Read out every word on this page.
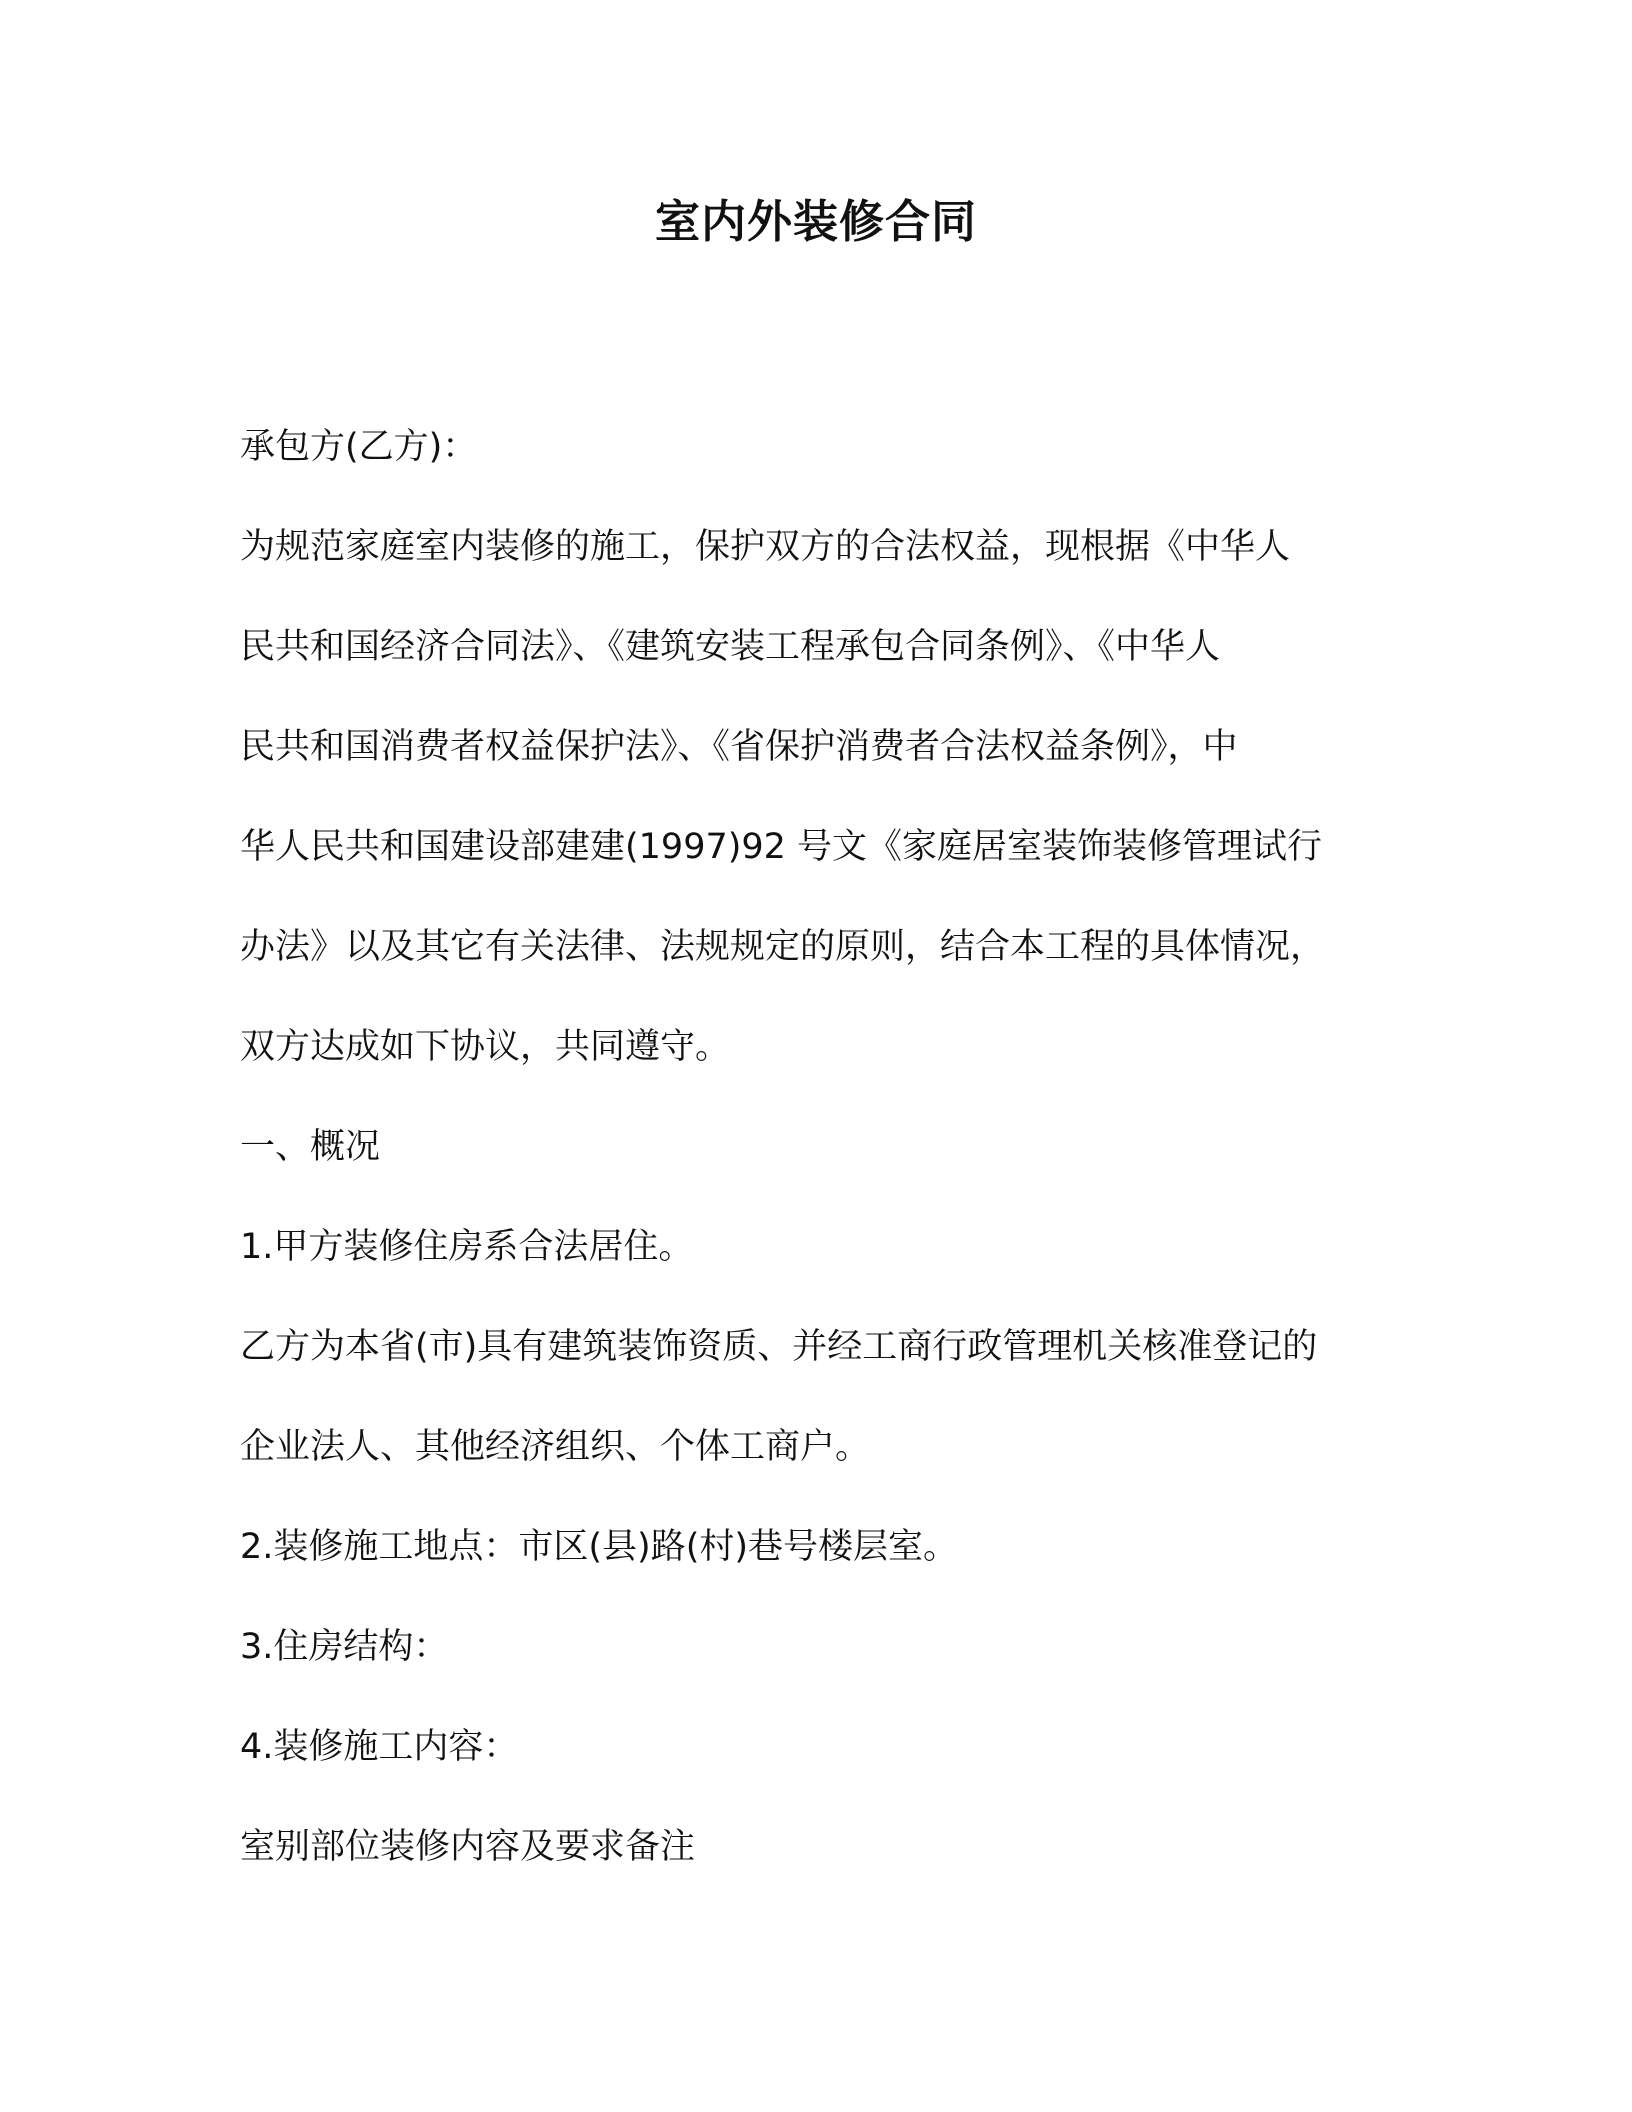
室内外装修合同
承包方(乙方)：
为规范家庭室内装修的施工，保护双方的合法权益，现根据《中华人
民共和国经济合同法》、《建筑安装工程承包合同条例》、《中华人
民共和国消费者权益保护法》、《省保护消费者合法权益条例》，中
华人民共和国建设部建建(1997)92 号文《家庭居室装饰装修管理试行
办法》以及其它有关法律、法规规定的原则，结合本工程的具体情况，
双方达成如下协议，共同遵守。
一、概况
1.甲方装修住房系合法居住。
乙方为本省(市)具有建筑装饰资质、并经工商行政管理机关核准登记的
企业法人、其他经济组织、个体工商户。
2.装修施工地点：市区(县)路(村)巷号楼层室。
3.住房结构：
4.装修施工内容：
室别部位装修内容及要求备注
